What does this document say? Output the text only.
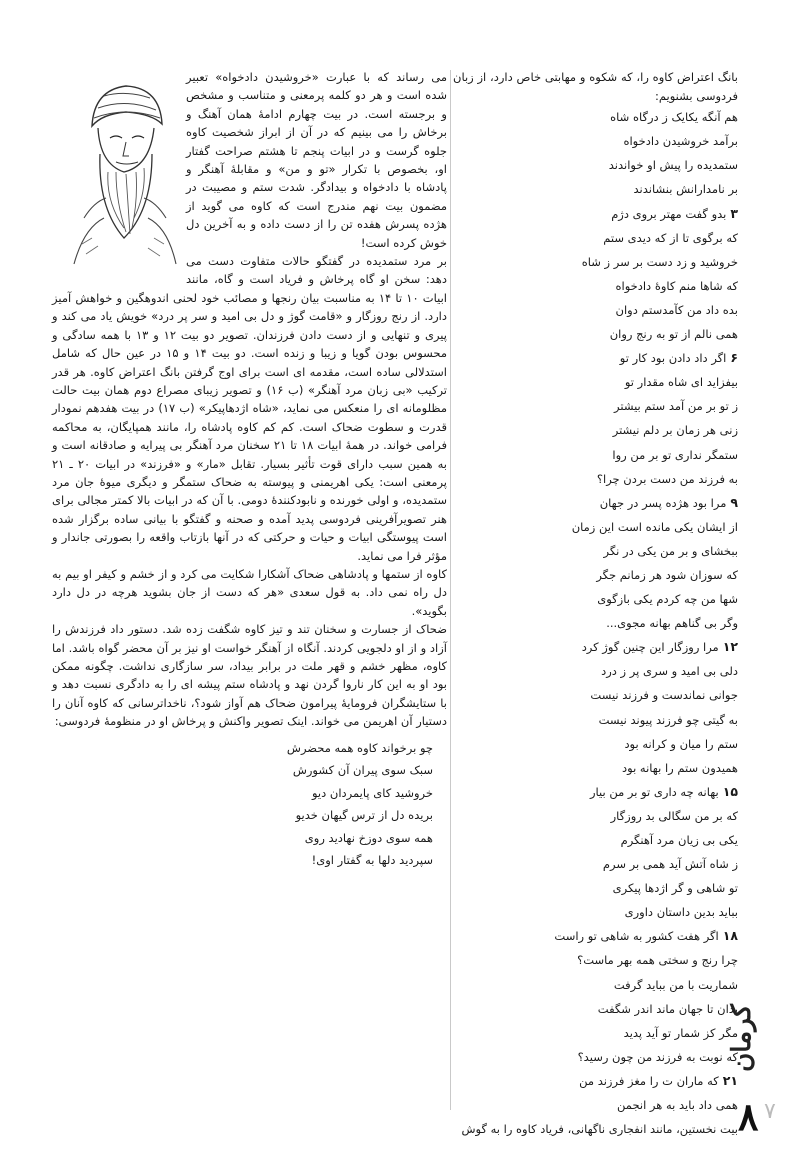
بانگ اعتراض کاوه را، که شکوه و مهابتی خاص دارد، از زبان فردوسی بشنویم:
هم آنگه یکایک ز درگاه شاه
برآمد خروشیدن دادخواه
ستمدیده را پیش او خواندند
بر نامدارانش بنشاندند
۳بدو گفت مهتر بروی دژم
که برگوی تا از که دیدی ستم
خروشید و زد دست بر سر ز شاه
که شاها منم کاوهٔ دادخواه
بده داد من کآمدستم دوان
همی نالم از تو به رنج روان
۶اگر داد دادن بود کار تو
بیفزاید ای شاه مقدار تو
ز تو بر من آمد ستم بیشتر
زنی هر زمان بر دلم نیشتر
ستمگر نداری تو بر من روا
به فرزند من دست بردن چرا؟
۹مرا بود هژده پسر در جهان
از ایشان یکی مانده است این زمان
ببخشای و بر من یکی در نگر
که سوزان شود هر زمانم جگر
شها من چه کردم یکی بازگوی
وگر بی گناهم بهانه مجوی...
۱۲مرا روزگار این چنین گوژ کرد
دلی بی امید و سری پر ز درد
جوانی نماندست و فرزند نیست
به گیتی چو فرزند پیوند نیست
ستم را میان و کرانه بود
همیدون ستم را بهانه بود
۱۵بهانه چه داری تو بر من بیار
که بر من سگالی بد روزگار
یکی بی زیان مرد آهنگرم
ز شاه آتش آید همی بر سرم
تو شاهی و گر اژدها پیکری
بباید بدین داستان داوری
۱۸اگر هفت کشور به شاهی تو راست
چرا رنج و سختی همه بهر ماست؟
شماریت با من بباید گرفت
بدان تا جهان ماند اندر شگفت
مگر کز شمار تو آید پدید
که نوبت به فرزند من چون رسید؟
۲۱که ماران ت را مغز فرزند من
همی داد باید به هر انجمن
بیت نخستین، مانند انفجاری ناگهانی، فریاد کاوه را به گوش

می رساند که با عبارت «خروشیدن دادخواه» تعبیر شده است و هر دو کلمه پرمعنی و متناسب و مشخص و برجسته است. در بیت چهارم ادامهٔ همان آهنگ و برخاش را می بینیم که در آن از ابراز شخصیت کاوه جلوه گرست و در ابیات پنجم تا هشتم صراحت گفتار او، بخصوص با تکرار «تو و من» و مقابلهٔ آهنگر و پادشاه با دادخواه و بیدادگر. شدت ستم و مصیبت در مضمون بیت نهم مندرج است که کاوه می گوید از هژده پسرش هفده تن را از دست داده و به آخرین دل خوش کرده است!

بر مرد ستمدیده در گفتگو حالات متفاوت دست می دهد: سخن او گاه پرخاش و فریاد است و گاه، مانند ابیات ۱۰ تا ۱۴ به مناسبت بیان رنجها و مصائب خود لحنی اندوهگین و خواهش آمیز دارد. از رنج روزگار و «قامت گوژ و دل بی امید و سر پر درد» خویش یاد می کند و پیری و تنهایی و از دست دادن فرزندان. تصویر دو بیت ۱۲ و ۱۳ با همه سادگی و محسوس بودن گویا و زیبا و زنده است. دو بیت ۱۴ و ۱۵ در عین حال که شامل استدلالی ساده است، مقدمه ای است برای اوج گرفتن بانگ اعتراض کاوه. هر قدر ترکیب «بی زبان مرد آهنگر» (ب ۱۶) و تصویر زیبای مصراع دوم همان بیت حالت مظلومانه ای را منعکس می نماید، «شاه اژدهاپیکر» (ب ۱۷) در بیت هفدهم نمودار قدرت و سطوت ضحاک است. کم کم کاوه پادشاه را، مانند همپایگان، به محاکمه فرامی خواند. در همهٔ ابیات ۱۸ تا ۲۱ سخنان مرد آهنگر بی پیرایه و صادقانه است و به همین سبب دارای قوت تأثیر بسیار. تقابل «مار» و «فرزند» در ابیات ۲۰ ـ ۲۱ پرمعنی است: یکی اهریمنی و پیوسته به ضحاک ستمگر و دیگری میوهٔ جان مرد ستمدیده، و اولی خورنده و نابودکنندهٔ دومی. با آن که در ابیات بالا کمتر مجالی برای هنر تصویرآفرینی فردوسی پدید آمده و صحنه و گفتگو با بیانی ساده برگزار شده است پیوستگی ابیات و حیات و حرکتی که در آنها بازتاب واقعه را بصورتی جاندار و مؤثر فرا می نماید.

کاوه از ستمها و پادشاهی ضحاک آشکارا شکایت می کرد و از خشم و کیفر او بیم به دل راه نمی داد. به قول سعدی «هر که دست از جان بشوید هرچه در دل دارد بگوید».

ضحاک از جسارت و سخنان تند و تیز کاوه شگفت زده شد. دستور داد فرزندش را آزاد و از او دلجویی کردند. آنگاه از آهنگر خواست او نیز بر آن محضر گواه باشد. اما کاوه، مظهر خشم و قهر ملت در برابر بیداد، سر سازگاری نداشت. چگونه ممکن بود او به این کار ناروا گردن نهد و پادشاه ستم پیشه ای را به دادگری نسبت دهد و با ستایشگران فرومایهٔ پیرامون ضحاک هم آواز شود؟، ناخداترسانی که کاوه آنان را دستیار آن اهریمن می خواند. اینک تصویر واکنش و پرخاش او در منظومهٔ فردوسی:

چو برخواند کاوه همه محضرش
سبک سوی پیران آن کشورش
خروشید کای پایمردان دیو
بریده دل از ترس گیهان خدیو
همه سوی دوزخ نهادید روی
سپردید دلها به گفتار اوی!
کرمان
۷
۸
